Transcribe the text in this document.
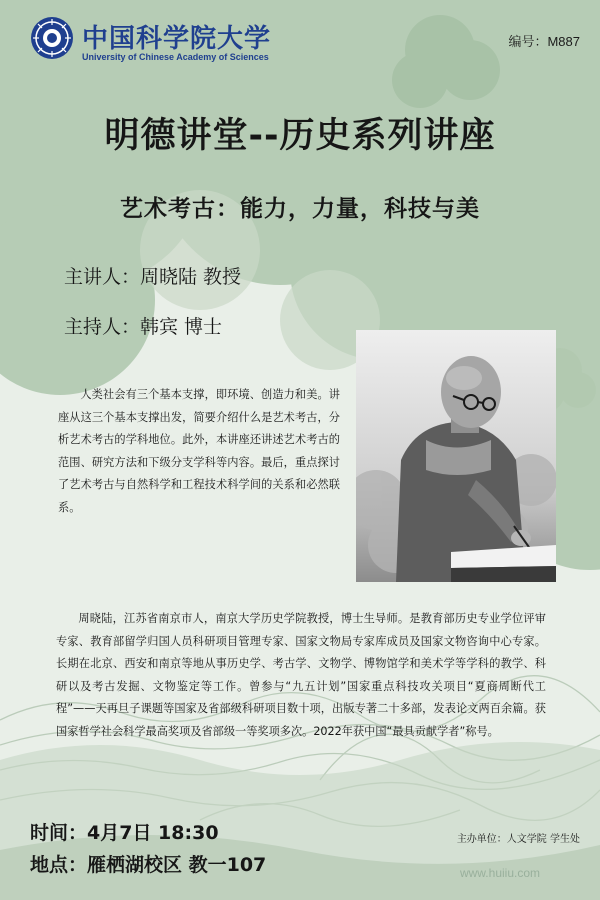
中国科学院大学
University of Chinese Academy of Sciences
编号：M887
明德讲堂--历史系列讲座
艺术考古：能力，力量，科技与美
主讲人：周晓陆 教授
主持人：韩宾 博士
人类社会有三个基本支撑，即环境、创造力和美。讲座从这三个基本支撑出发，简要介绍什么是艺术考古，分析艺术考古的学科地位。此外，本讲座还讲述艺术考古的范围、研究方法和下级分支学科等内容。最后，重点探讨了艺术考古与自然科学和工程技术科学间的关系和必然联系。
周晓陆，江苏省南京市人，南京大学历史学院教授，博士生导师。是教育部历史专业学位评审专家、教育部留学归国人员科研项目管理专家、国家文物局专家库成员及国家文物咨询中心专家。长期在北京、西安和南京等地从事历史学、考古学、文物学、博物馆学和美术学等学科的教学、科研以及考古发掘、文物鉴定等工作。曾参与“九五计划”国家重点科技攻关项目“夏商周断代工程”——天再旦子课题等国家及省部级科研项目数十项，出版专著二十多部，发表论文两百余篇。获国家哲学社会科学最高奖项及省部级一等奖项多次。2022年获中国“最具贡献学者”称号。
时间：4月7日 18:30
地点：雁栖湖校区 教一107
主办单位：人文学院 学生处
www.huiiu.com
